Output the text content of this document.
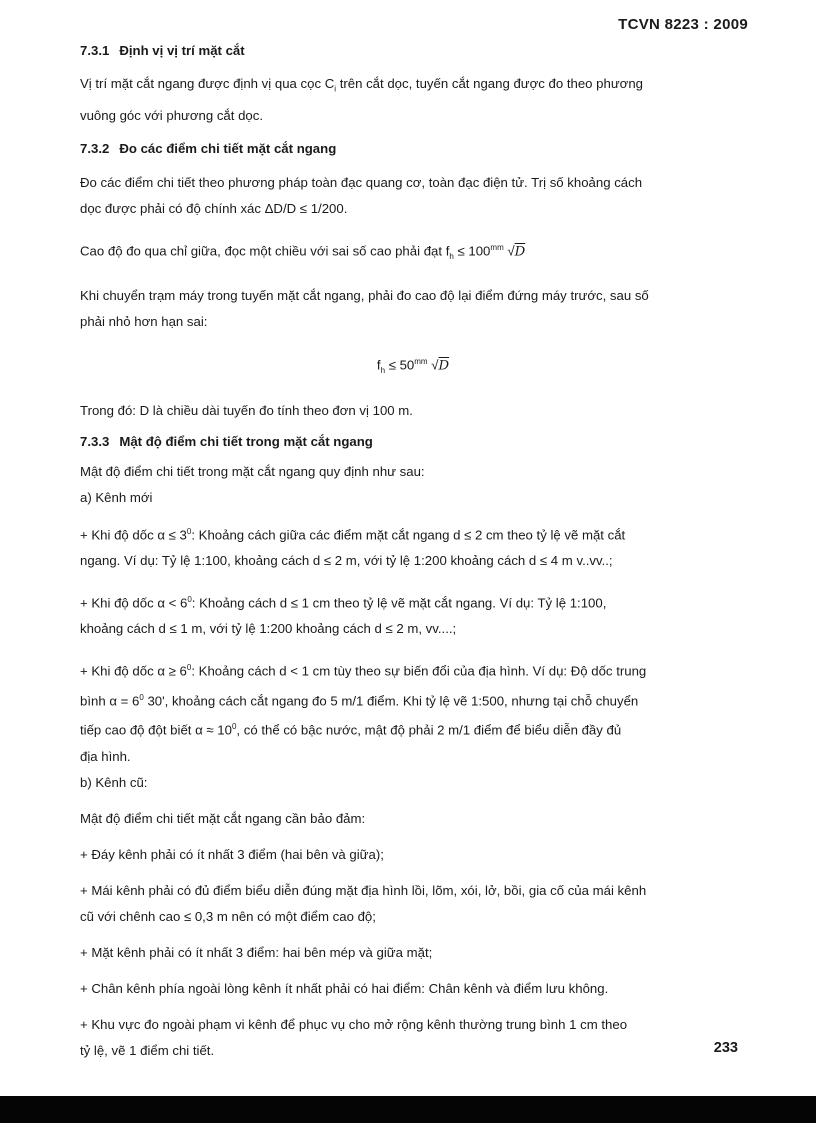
TCVN 8223 : 2009

7.3.1 Định vị vị trí mặt cắt

Vị trí mặt cắt ngang được định vị qua cọc $C_i$ trên cắt dọc, tuyến cắt ngang được đo theo phương
vuông góc với phương cắt dọc.

7.3.2 Đo các điểm chi tiết mặt cắt ngang

Đo các điểm chi tiết theo phương pháp toàn đạc quang cơ, toàn đạc điện tử. Trị số khoảng cách
dọc được phải có độ chính xác ΔD/D ≤ 1/200.

Cao độ đo qua chỉ giữa, đọc một chiều với sai số cao phải đạt $f_h \le 100^{mm}$ √D

Khi chuyển trạm máy trong tuyến mặt cắt ngang, phải đo cao độ lại điểm đứng máy trước, sau số
phải nhỏ hơn hạn sai:

$f_h \le 50^{mm}$ √D

Trong đó: D là chiều dài tuyến đo tính theo đơn vị 100 m.

7.3.3 Mật độ điểm chi tiết trong mặt cắt ngang

Mật độ điểm chi tiết trong mặt cắt ngang quy định như sau:

a) Kênh mới

+ Khi độ dốc $\alpha \le 3^0$: Khoảng cách giữa các điểm mặt cắt ngang d ≤ 2 cm theo tỷ lệ vẽ mặt cắt
ngang. Ví dụ: Tỷ lệ 1:100, khoảng cách d ≤ 2 m, với tỷ lệ 1:200 khoảng cách d ≤ 4 m v..vv..;

+ Khi độ dốc $\alpha < 6^0$: Khoảng cách d ≤ 1 cm theo tỷ lệ vẽ mặt cắt ngang. Ví dụ: Tỷ lệ 1:100,
khoảng cách d ≤ 1 m, với tỷ lệ 1:200 khoảng cách d ≤ 2 m, vv....;

+ Khi độ dốc $\alpha \ge 6^0$: Khoảng cách d < 1 cm tùy theo sự biến đổi của địa hình. Ví dụ: Độ dốc trung
bình $\alpha = 6^0$ 30', khoảng cách cắt ngang đo 5 m/1 điểm. Khi tỷ lệ vẽ 1:500, nhưng tại chỗ chuyển
tiếp cao độ đột biết $\alpha \approx 10^0$, có thể có bậc nước, mật độ phải 2 m/1 điểm để biểu diễn đầy đủ
địa hình.

b) Kênh cũ:

Mật độ điểm chi tiết mặt cắt ngang cần bảo đảm:

+ Đáy kênh phải có ít nhất 3 điểm (hai bên và giữa);

+ Mái kênh phải có đủ điểm biểu diễn đúng mặt địa hình lồi, lõm, xói, lở, bồi, gia cố của mái kênh
cũ với chênh cao ≤ 0,3 m nên có một điểm cao độ;

+ Mặt kênh phải có ít nhất 3 điểm: hai bên mép và giữa mặt;

+ Chân kênh phía ngoài lòng kênh ít nhất phải có hai điểm: Chân kênh và điểm lưu không.

+ Khu vực đo ngoài phạm vi kênh để phục vụ cho mở rộng kênh thường trung bình 1 cm theo
tỷ lệ, vẽ 1 điểm chi tiết.	233
